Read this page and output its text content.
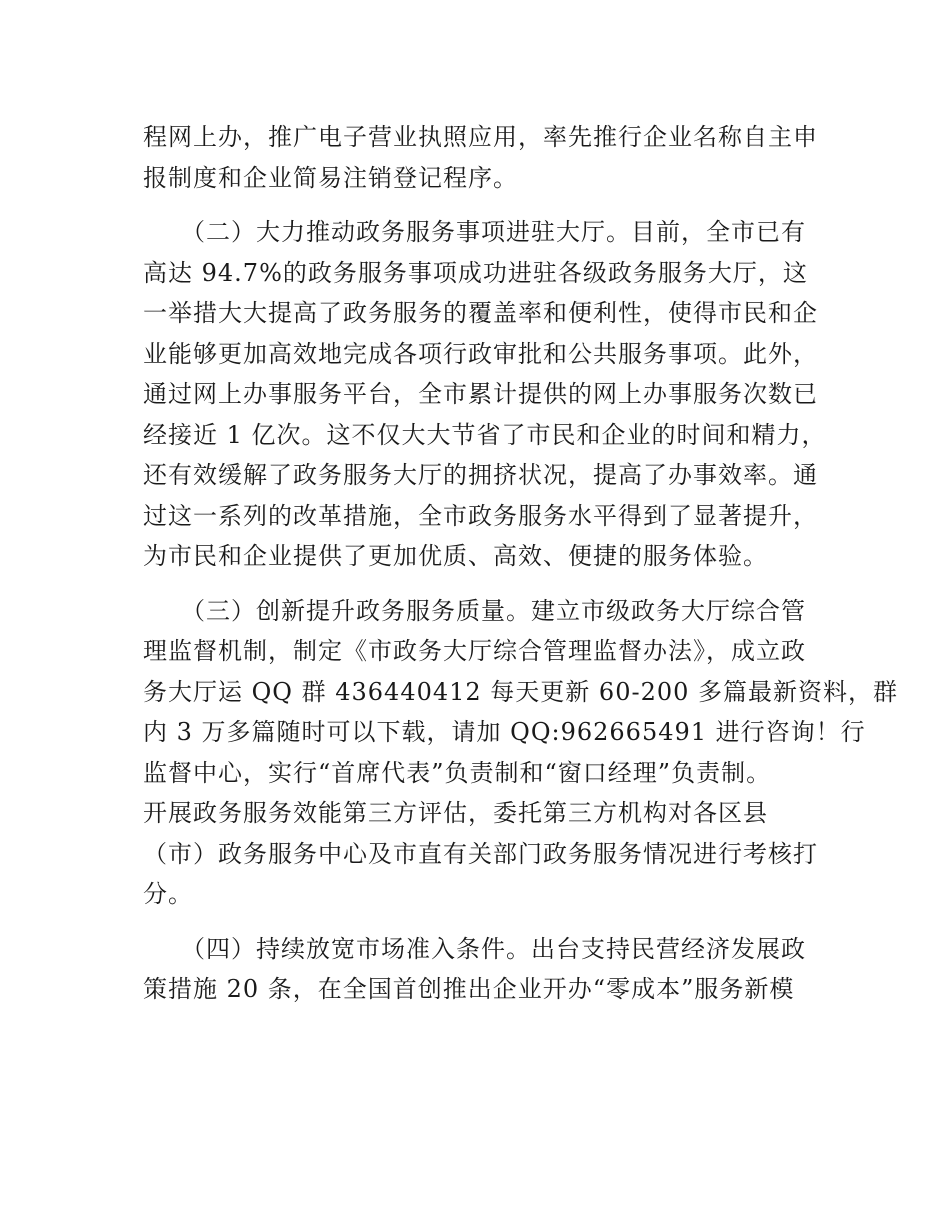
程网上办，推广电子营业执照应用，率先推行企业名称自主申
报制度和企业简易注销登记程序。
　　（二）大力推动政务服务事项进驻大厅。目前，全市已有
高达 94.7%的政务服务事项成功进驻各级政务服务大厅，这
一举措大大提高了政务服务的覆盖率和便利性，使得市民和企
业能够更加高效地完成各项行政审批和公共服务事项。此外，
通过网上办事服务平台，全市累计提供的网上办事服务次数已
经接近 1 亿次。这不仅大大节省了市民和企业的时间和精力，
还有效缓解了政务服务大厅的拥挤状况，提高了办事效率。通
过这一系列的改革措施，全市政务服务水平得到了显著提升，
为市民和企业提供了更加优质、高效、便捷的服务体验。
　　（三）创新提升政务服务质量。建立市级政务大厅综合管
理监督机制，制定《市政务大厅综合管理监督办法》，成立政
务大厅运 QQ 群 436440412 每天更新 60-200 多篇最新资料，群
内 3 万多篇随时可以下载，请加 QQ:962665491 进行咨询！行
监督中心，实行“首席代表”负责制和“窗口经理”负责制。
开展政务服务效能第三方评估，委托第三方机构对各区县
（市）政务服务中心及市直有关部门政务服务情况进行考核打
分。
　　（四）持续放宽市场准入条件。出台支持民营经济发展政
策措施 20 条，在全国首创推出企业开办“零成本”服务新模
